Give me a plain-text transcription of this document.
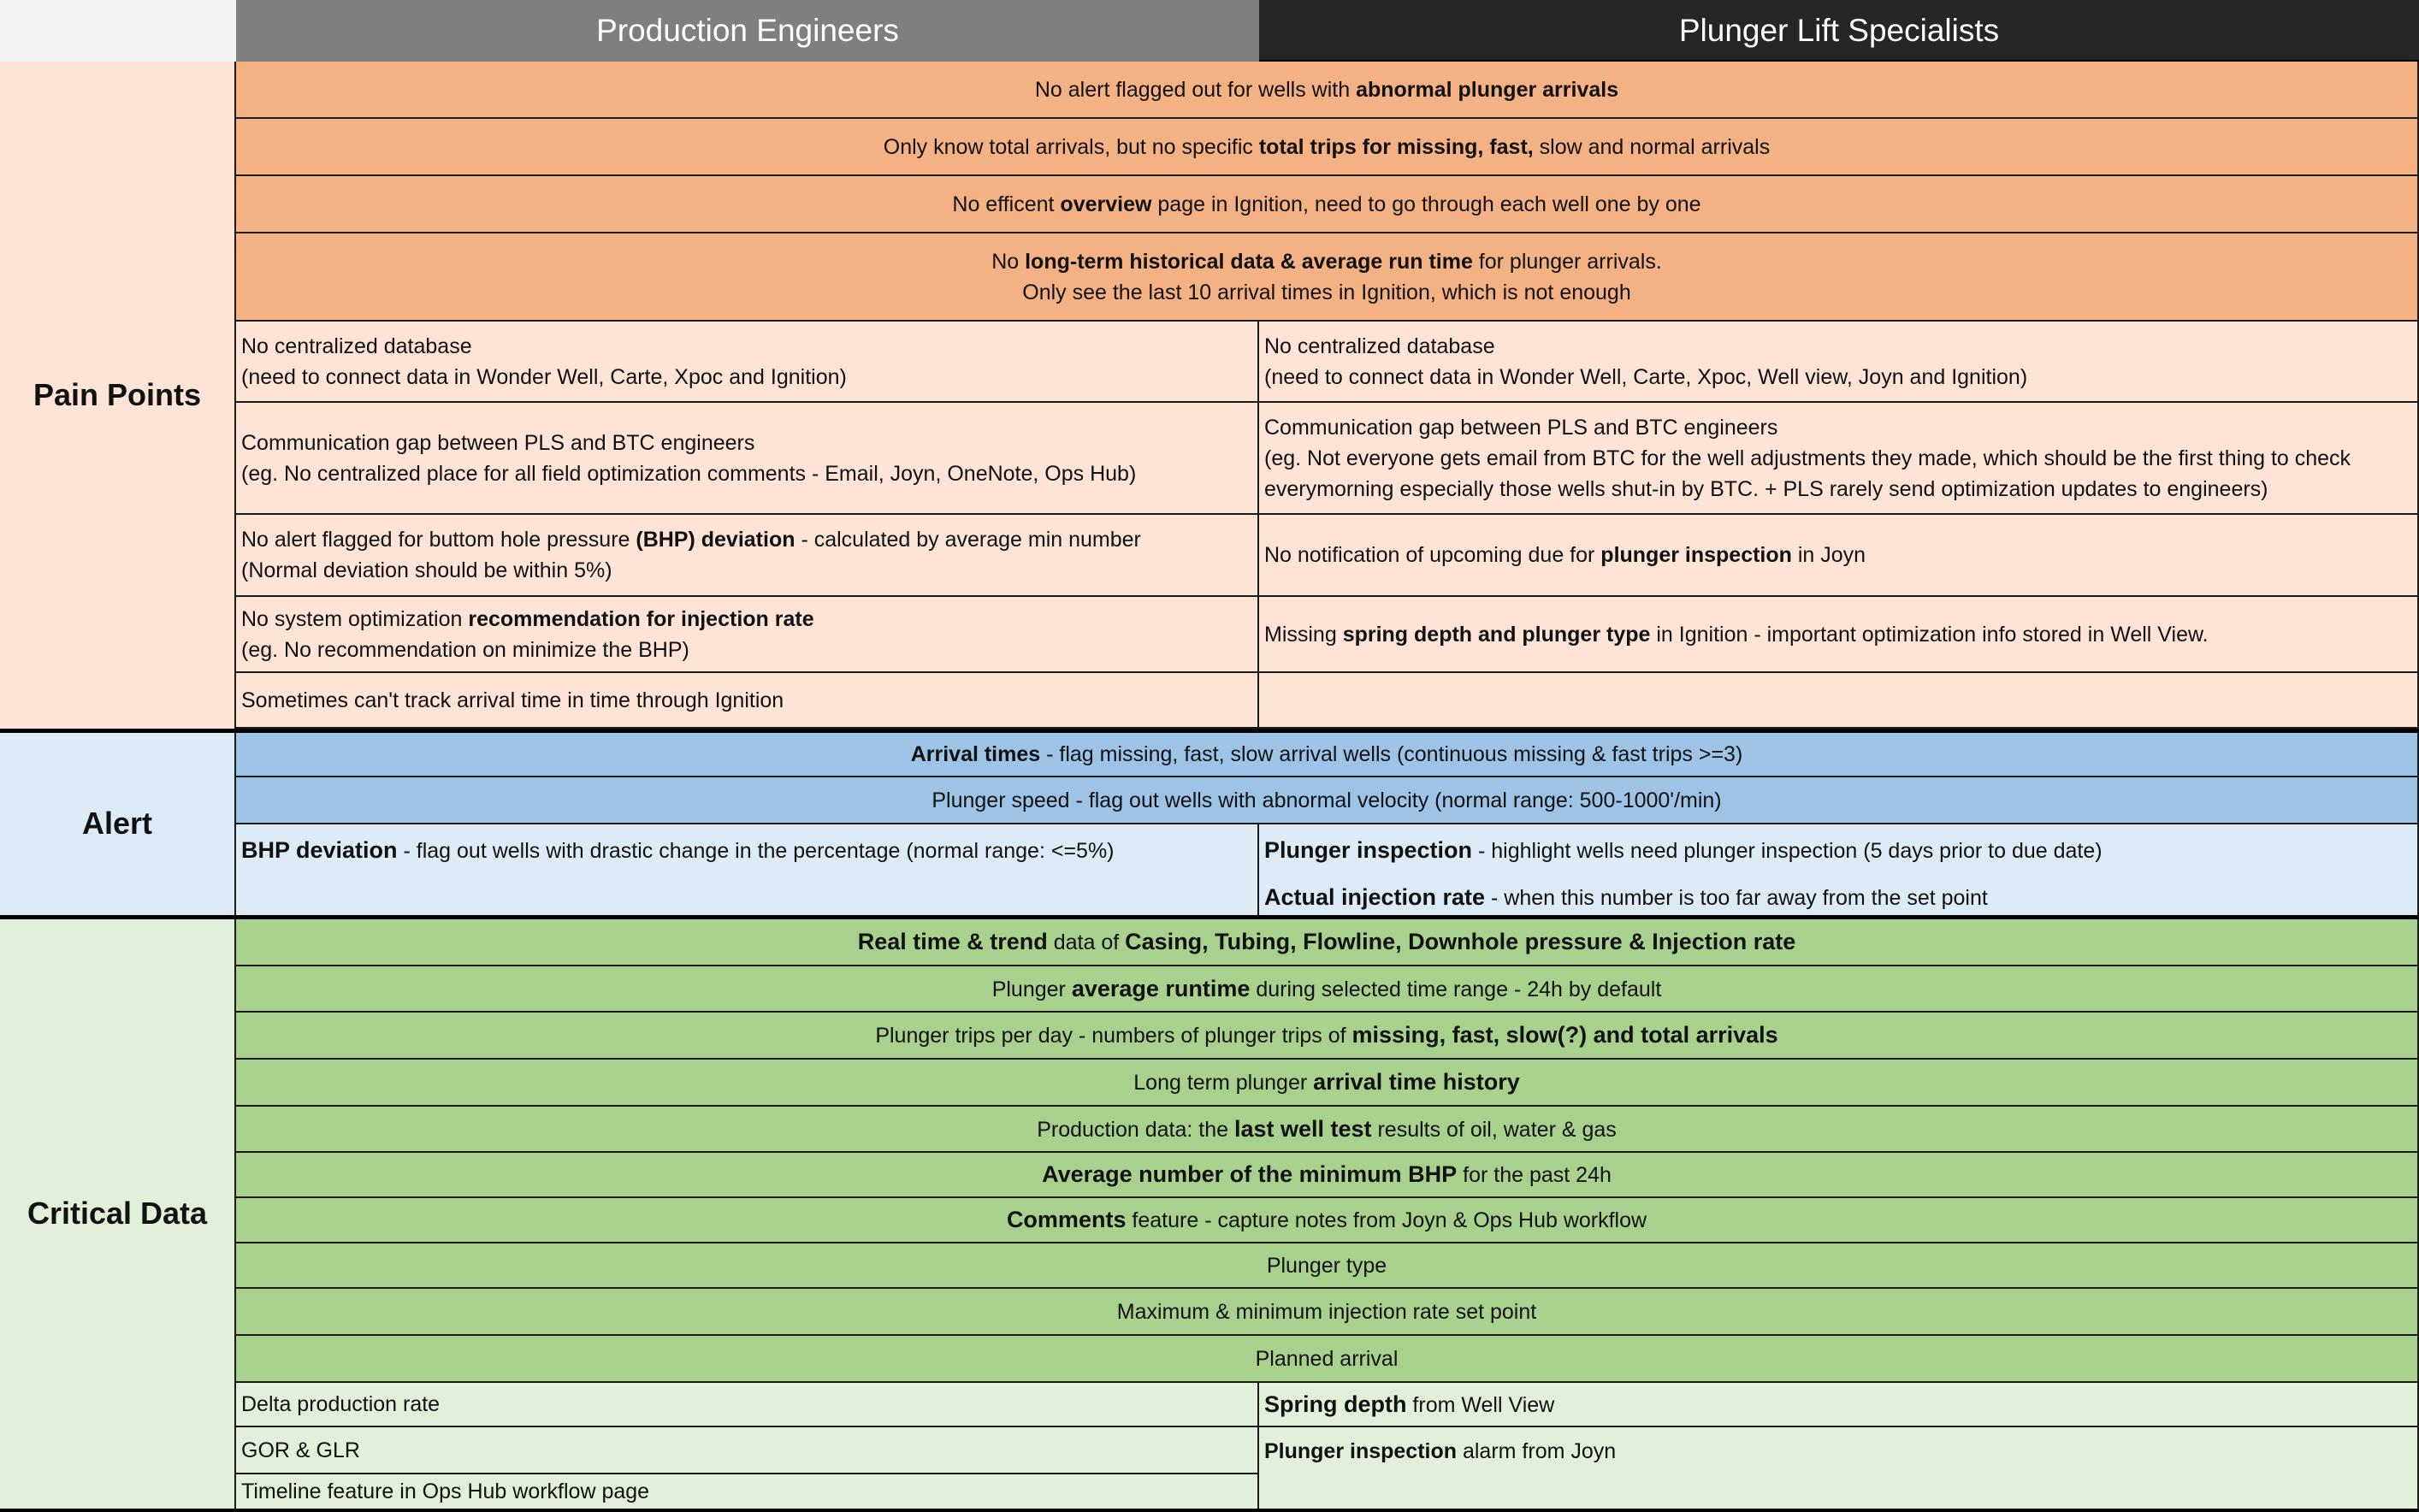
Production Engineers	Plunger Lift Specialists
Pain Points
Alert
Critical Data
No alert flagged out for wells with abnormal plunger arrivals
Only know total arrivals, but no specific total trips for missing, fast, slow and normal arrivals
No efficent overview page in Ignition, need to go through each well one by one
No long-term historical data & average run time for plunger arrivals.
Only see the last 10 arrival times in Ignition, which is not enough
No centralized database
(need to connect data in Wonder Well, Carte, Xpoc and Ignition)
No centralized database
(need to connect data in Wonder Well, Carte, Xpoc, Well view, Joyn and Ignition)
Communication gap between PLS and BTC engineers
(eg. No centralized place for all field optimization comments - Email, Joyn, OneNote, Ops Hub)
Communication gap between PLS and BTC engineers
(eg. Not everyone gets email from BTC for the well adjustments they made, which should be the first thing to check
everymorning especially those wells shut-in by BTC. + PLS rarely send optimization updates to engineers)
No alert flagged for buttom hole pressure (BHP) deviation - calculated by average min number
(Normal deviation should be within 5%)
No notification of upcoming due for plunger inspection in Joyn
No system optimization recommendation for injection rate
(eg. No recommendation on minimize the BHP)
Missing spring depth and plunger type in Ignition - important optimization info stored in Well View.
Sometimes can't track arrival time in time through Ignition
Arrival times - flag missing, fast, slow arrival wells (continuous missing & fast trips >=3)
Plunger speed - flag out wells with abnormal velocity (normal range: 500-1000'/min)
BHP deviation - flag out wells with drastic change in the percentage (normal range: <=5%)	Plunger inspection - highlight wells need plunger inspection (5 days prior to due date)
Actual injection rate - when this number is too far away from the set point
Real time & trend data of Casing, Tubing, Flowline, Downhole pressure & Injection rate
Plunger average runtime during selected time range - 24h by default
Plunger trips per day - numbers of plunger trips of missing, fast, slow(?) and total arrivals
Long term plunger arrival time history
Production data: the last well test results of oil, water & gas
Average number of the minimum BHP for the past 24h
Comments feature - capture notes from Joyn & Ops Hub workflow
Plunger type
Maximum & minimum injection rate set point
Planned arrival
Delta production rate
GOR & GLR
Timeline feature in Ops Hub workflow page
Spring depth from Well View
Plunger inspection alarm from Joyn
